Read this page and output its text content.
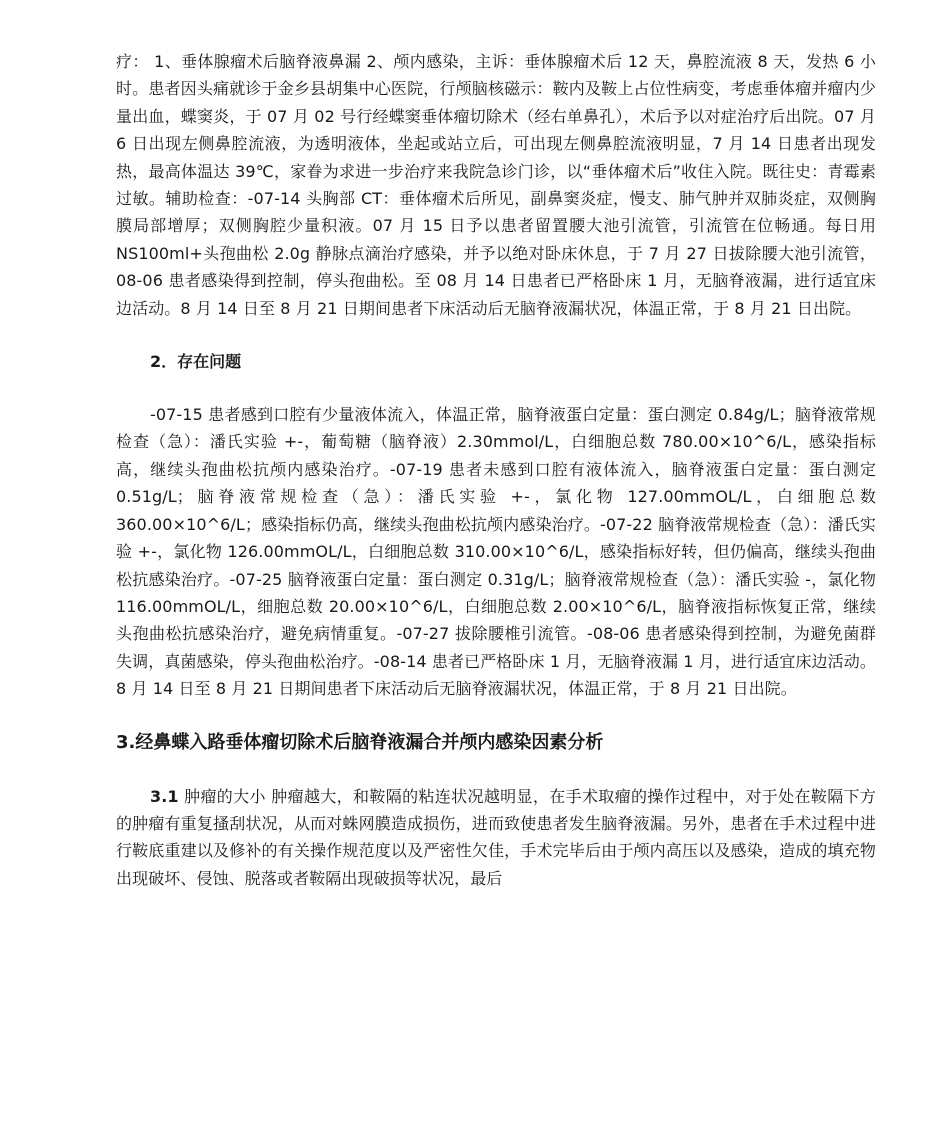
疗： 1、垂体腺瘤术后脑脊液鼻漏 2、颅内感染，主诉：垂体腺瘤术后 12 天，鼻腔流液 8 天，发热 6 小时。患者因头痛就诊于金乡县胡集中心医院，行颅脑核磁示：鞍内及鞍上占位性病变，考虑垂体瘤并瘤内少量出血，蝶窦炎，于 07 月 02 号行经蝶窦垂体瘤切除术（经右单鼻孔），术后予以对症治疗后出院。07 月 6 日出现左侧鼻腔流液，为透明液体，坐起或站立后，可出现左侧鼻腔流液明显，7 月 14 日患者出现发热，最高体温达 39℃，家眷为求进一步治疗来我院急诊门诊，以“垂体瘤术后”收住入院。既往史：青霉素过敏。辅助检查：-07-14 头胸部 CT：垂体瘤术后所见，副鼻窦炎症，慢支、肺气肿并双肺炎症，双侧胸膜局部增厚；双侧胸腔少量积液。07 月 15 日予以患者留置腰大池引流管，引流管在位畅通。每日用 NS100ml+头孢曲松 2.0g 静脉点滴治疗感染，并予以绝对卧床休息，于 7 月 27 日拔除腰大池引流管，08-06 患者感染得到控制，停头孢曲松。至 08 月 14 日患者已严格卧床 1 月，无脑脊液漏，进行适宜床边活动。8 月 14 日至 8 月 21 日期间患者下床活动后无脑脊液漏状况，体温正常，于 8 月 21 日出院。

2．存在问题

-07-15 患者感到口腔有少量液体流入，体温正常，脑脊液蛋白定量：蛋白测定 0.84g/L；脑脊液常规检查（急）：潘氏实验 +-，葡萄糖（脑脊液）2.30mmol/L，白细胞总数 780.00×10^6/L，感染指标高，继续头孢曲松抗颅内感染治疗。-07-19 患者未感到口腔有液体流入，脑脊液蛋白定量：蛋白测定 0.51g/L；脑脊液常规检查（急）：潘氏实验 +-，氯化物 127.00mmOL/L，白细胞总数 360.00×10^6/L；感染指标仍高，继续头孢曲松抗颅内感染治疗。-07-22 脑脊液常规检查（急）：潘氏实验 +-，氯化物 126.00mmOL/L，白细胞总数 310.00×10^6/L，感染指标好转，但仍偏高，继续头孢曲松抗感染治疗。-07-25 脑脊液蛋白定量：蛋白测定 0.31g/L；脑脊液常规检查（急）：潘氏实验 -，氯化物 116.00mmOL/L，细胞总数 20.00×10^6/L，白细胞总数 2.00×10^6/L，脑脊液指标恢复正常，继续头孢曲松抗感染治疗，避免病情重复。-07-27 拔除腰椎引流管。-08-06 患者感染得到控制，为避免菌群失调，真菌感染，停头孢曲松治疗。-08-14 患者已严格卧床 1 月，无脑脊液漏 1 月，进行适宜床边活动。8 月 14 日至 8 月 21 日期间患者下床活动后无脑脊液漏状况，体温正常，于 8 月 21 日出院。

3.经鼻蝶入路垂体瘤切除术后脑脊液漏合并颅内感染因素分析

3.1 肿瘤的大小 肿瘤越大，和鞍隔的粘连状况越明显，在手术取瘤的操作过程中，对于处在鞍隔下方的肿瘤有重复搔刮状况，从而对蛛网膜造成损伤，进而致使患者发生脑脊液漏。另外，患者在手术过程中进行鞍底重建以及修补的有关操作规范度以及严密性欠佳，手术完毕后由于颅内高压以及感染，造成的填充物出现破坏、侵蚀、脱落或者鞍隔出现破损等状况，最后
